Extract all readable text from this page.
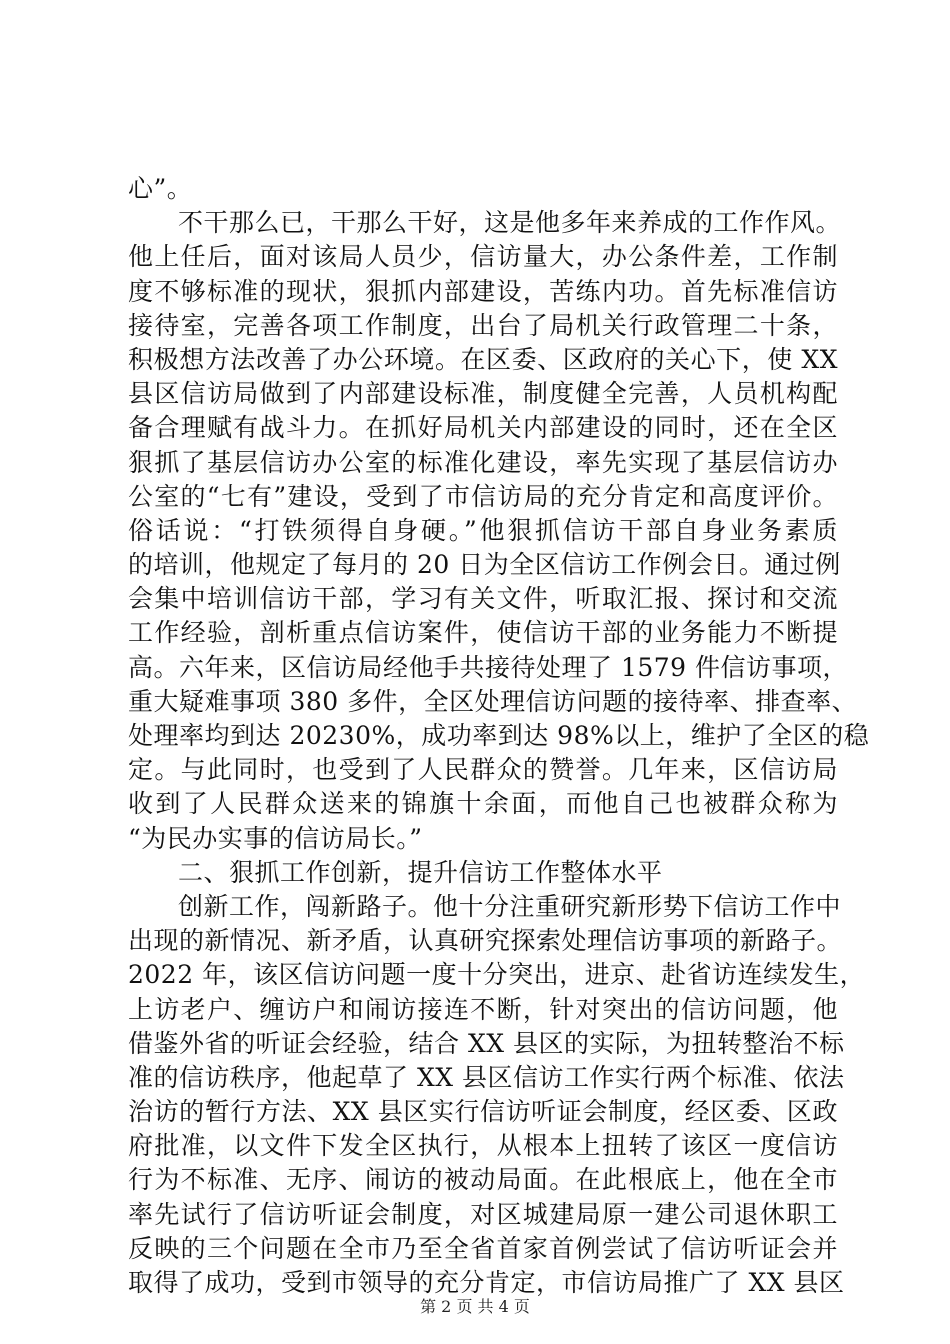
心”。
不干那么已，干那么干好，这是他多年来养成的工作作风。
他上任后，面对该局人员少，信访量大，办公条件差，工作制
度不够标准的现状，狠抓内部建设，苦练内功。首先标准信访
接待室，完善各项工作制度，出台了局机关行政管理二十条，
积极想方法改善了办公环境。在区委、区政府的关心下，使 XX
县区信访局做到了内部建设标准，制度健全完善，人员机构配
备合理赋有战斗力。在抓好局机关内部建设的同时，还在全区
狠抓了基层信访办公室的标准化建设，率先实现了基层信访办
公室的“七有”建设，受到了市信访局的充分肯定和高度评价。
俗话说：“打铁须得自身硬。”他狠抓信访干部自身业务素质
的培训，他规定了每月的 20 日为全区信访工作例会日。通过例
会集中培训信访干部，学习有关文件，听取汇报、探讨和交流
工作经验，剖析重点信访案件，使信访干部的业务能力不断提
高。六年来，区信访局经他手共接待处理了 1579 件信访事项，
重大疑难事项 380 多件，全区处理信访问题的接待率、排查率、
处理率均到达 20230%，成功率到达 98%以上，维护了全区的稳
定。与此同时，也受到了人民群众的赞誉。几年来，区信访局
收到了人民群众送来的锦旗十余面，而他自己也被群众称为
“为民办实事的信访局长。”
二、狠抓工作创新，提升信访工作整体水平
创新工作，闯新路子。他十分注重研究新形势下信访工作中
出现的新情况、新矛盾，认真研究探索处理信访事项的新路子。
2022 年，该区信访问题一度十分突出，进京、赴省访连续发生，
上访老户、缠访户和闹访接连不断，针对突出的信访问题，他
借鉴外省的听证会经验，结合 XX 县区的实际，为扭转整治不标
准的信访秩序，他起草了 XX 县区信访工作实行两个标准、依法
治访的暂行方法、XX 县区实行信访听证会制度，经区委、区政
府批准，以文件下发全区执行，从根本上扭转了该区一度信访
行为不标准、无序、闹访的被动局面。在此根底上，他在全市
率先试行了信访听证会制度，对区城建局原一建公司退休职工
反映的三个问题在全市乃至全省首家首例尝试了信访听证会并
取得了成功，受到市领导的充分肯定，市信访局推广了 XX 县区
第 2 页 共 4 页
